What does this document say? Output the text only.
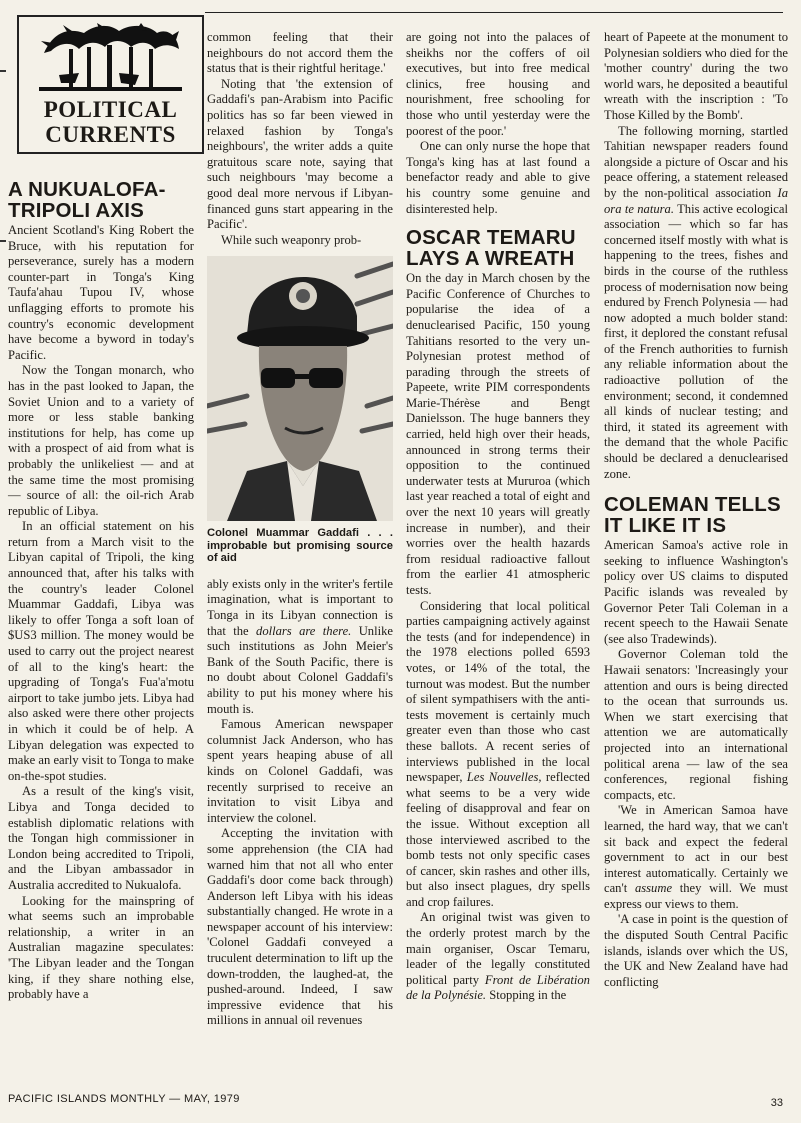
POLITICAL
CURRENTS
A NUKUALOFA-TRIPOLI AXIS

Ancient Scotland's King Robert the Bruce, with his reputation for perseverance, surely has a modern counter-part in Tonga's King Taufa'ahau Tupou IV, whose unflagging efforts to promote his country's economic development have become a byword in today's Pacific.

Now the Tongan monarch, who has in the past looked to Japan, the Soviet Union and to a variety of more or less stable banking institutions for help, has come up with a prospect of aid from what is probably the unlikeliest — and at the same time the most promising — source of all: the oil-rich Arab republic of Libya.

In an official statement on his return from a March visit to the Libyan capital of Tripoli, the king announced that, after his talks with the country's leader Colonel Muammar Gaddafi, Libya was likely to offer Tonga a soft loan of $US3 million. The money would be used to carry out the project nearest of all to the king's heart: the upgrading of Tonga's Fua'a'motu airport to take jumbo jets. Libya had also asked were there other projects in which it could be of help. A Libyan delegation was expected to make an early visit to Tonga to make on-the-spot studies.

As a result of the king's visit, Libya and Tonga decided to establish diplomatic relations with the Tongan high commissioner in London being accredited to Tripoli, and the Libyan ambassador in Australia accredited to Nukualofa.

Looking for the mainspring of what seems such an improbable relationship, a writer in an Australian magazine speculates: 'The Libyan leader and the Tongan king, if they share nothing else, probably have a

common feeling that their neighbours do not accord them the status that is their rightful heritage.'

Noting that 'the extension of Gaddafi's pan-Arabism into Pacific politics has so far been viewed in relaxed fashion by Tonga's neighbours', the writer adds a quite gratuitous scare note, saying that such neighbours 'may become a good deal more nervous if Libyan-financed guns start appearing in the Pacific'.

While such weaponry prob-

Colonel Muammar Gaddafi . . . improbable but promising source of aid

ably exists only in the writer's fertile imagination, what is important to Tonga in its Libyan connection is that the dollars are there. Unlike such institutions as John Meier's Bank of the South Pacific, there is no doubt about Colonel Gaddafi's ability to put his money where his mouth is.

Famous American newspaper columnist Jack Anderson, who has spent years heaping abuse of all kinds on Colonel Gaddafi, was recently surprised to receive an invitation to visit Libya and interview the colonel.

Accepting the invitation with some apprehension (the CIA had warned him that not all who enter Gaddafi's door come back through) Anderson left Libya with his ideas substantially changed. He wrote in a newspaper account of his interview: 'Colonel Gaddafi conveyed a truculent determination to lift up the down-trodden, the laughed-at, the pushed-around. Indeed, I saw impressive evidence that his millions in annual oil revenues

are going not into the palaces of sheikhs nor the coffers of oil executives, but into free medical clinics, free housing and nourishment, free schooling for those who until yesterday were the poorest of the poor.'

One can only nurse the hope that Tonga's king has at last found a benefactor ready and able to give his country some genuine and disinterested help.

OSCAR TEMARU LAYS A WREATH

On the day in March chosen by the Pacific Conference of Churches to popularise the idea of a denuclearised Pacific, 150 young Tahitians resorted to the very un-Polynesian protest method of parading through the streets of Papeete, write PIM correspondents Marie-Thérèse and Bengt Danielsson. The huge banners they carried, held high over their heads, announced in strong terms their opposition to the continued underwater tests at Mururoa (which last year reached a total of eight and over the next 10 years will greatly increase in number), and their worries over the health hazards from residual radioactive fallout from the earlier 41 atmospheric tests.

Considering that local political parties campaigning actively against the tests (and for independence) in the 1978 elections polled 6593 votes, or 14% of the total, the turnout was modest. But the number of silent sympathisers with the anti-tests movement is certainly much greater even than those who cast these ballots. A recent series of interviews published in the local newspaper, Les Nouvelles, reflected what seems to be a very wide feeling of disapproval and fear on the issue. Without exception all those interviewed ascribed to the bomb tests not only specific cases of cancer, skin rashes and other ills, but also insect plagues, dry spells and crop failures.

An original twist was given to the orderly protest march by the main organiser, Oscar Temaru, leader of the legally constituted political party Front de Libération de la Polynésie. Stopping in the

heart of Papeete at the monument to Polynesian soldiers who died for the 'mother country' during the two world wars, he deposited a beautiful wreath with the inscription : 'To Those Killed by the Bomb'.

The following morning, startled Tahitian newspaper readers found alongside a picture of Oscar and his peace offering, a statement released by the non-political association Ia ora te natura. This active ecological association — which so far has concerned itself mostly with what is happening to the trees, fishes and birds in the course of the ruthless process of modernisation now being endured by French Polynesia — had now adopted a much bolder stand: first, it deplored the constant refusal of the French authorities to furnish any reliable information about the radioactive pollution of the environment; second, it condemned all kinds of nuclear testing; and third, it stated its agreement with the demand that the whole Pacific should be declared a denuclearised zone.

COLEMAN TELLS IT LIKE IT IS

American Samoa's active role in seeking to influence Washington's policy over US claims to disputed Pacific islands was revealed by Governor Peter Tali Coleman in a recent speech to the Hawaii Senate (see also Tradewinds).

Governor Coleman told the Hawaii senators: 'Increasingly your attention and ours is being directed to the ocean that surrounds us. When we start exercising that attention we are automatically projected into an international political arena — law of the sea conferences, regional fishing compacts, etc.

'We in American Samoa have learned, the hard way, that we can't sit back and expect the federal government to act in our best interest automatically. Certainly we can't assume they will. We must express our views to them.

'A case in point is the question of the disputed South Central Pacific islands, islands over which the US, the UK and New Zealand have had conflicting

PACIFIC ISLANDS MONTHLY — MAY, 1979	33
